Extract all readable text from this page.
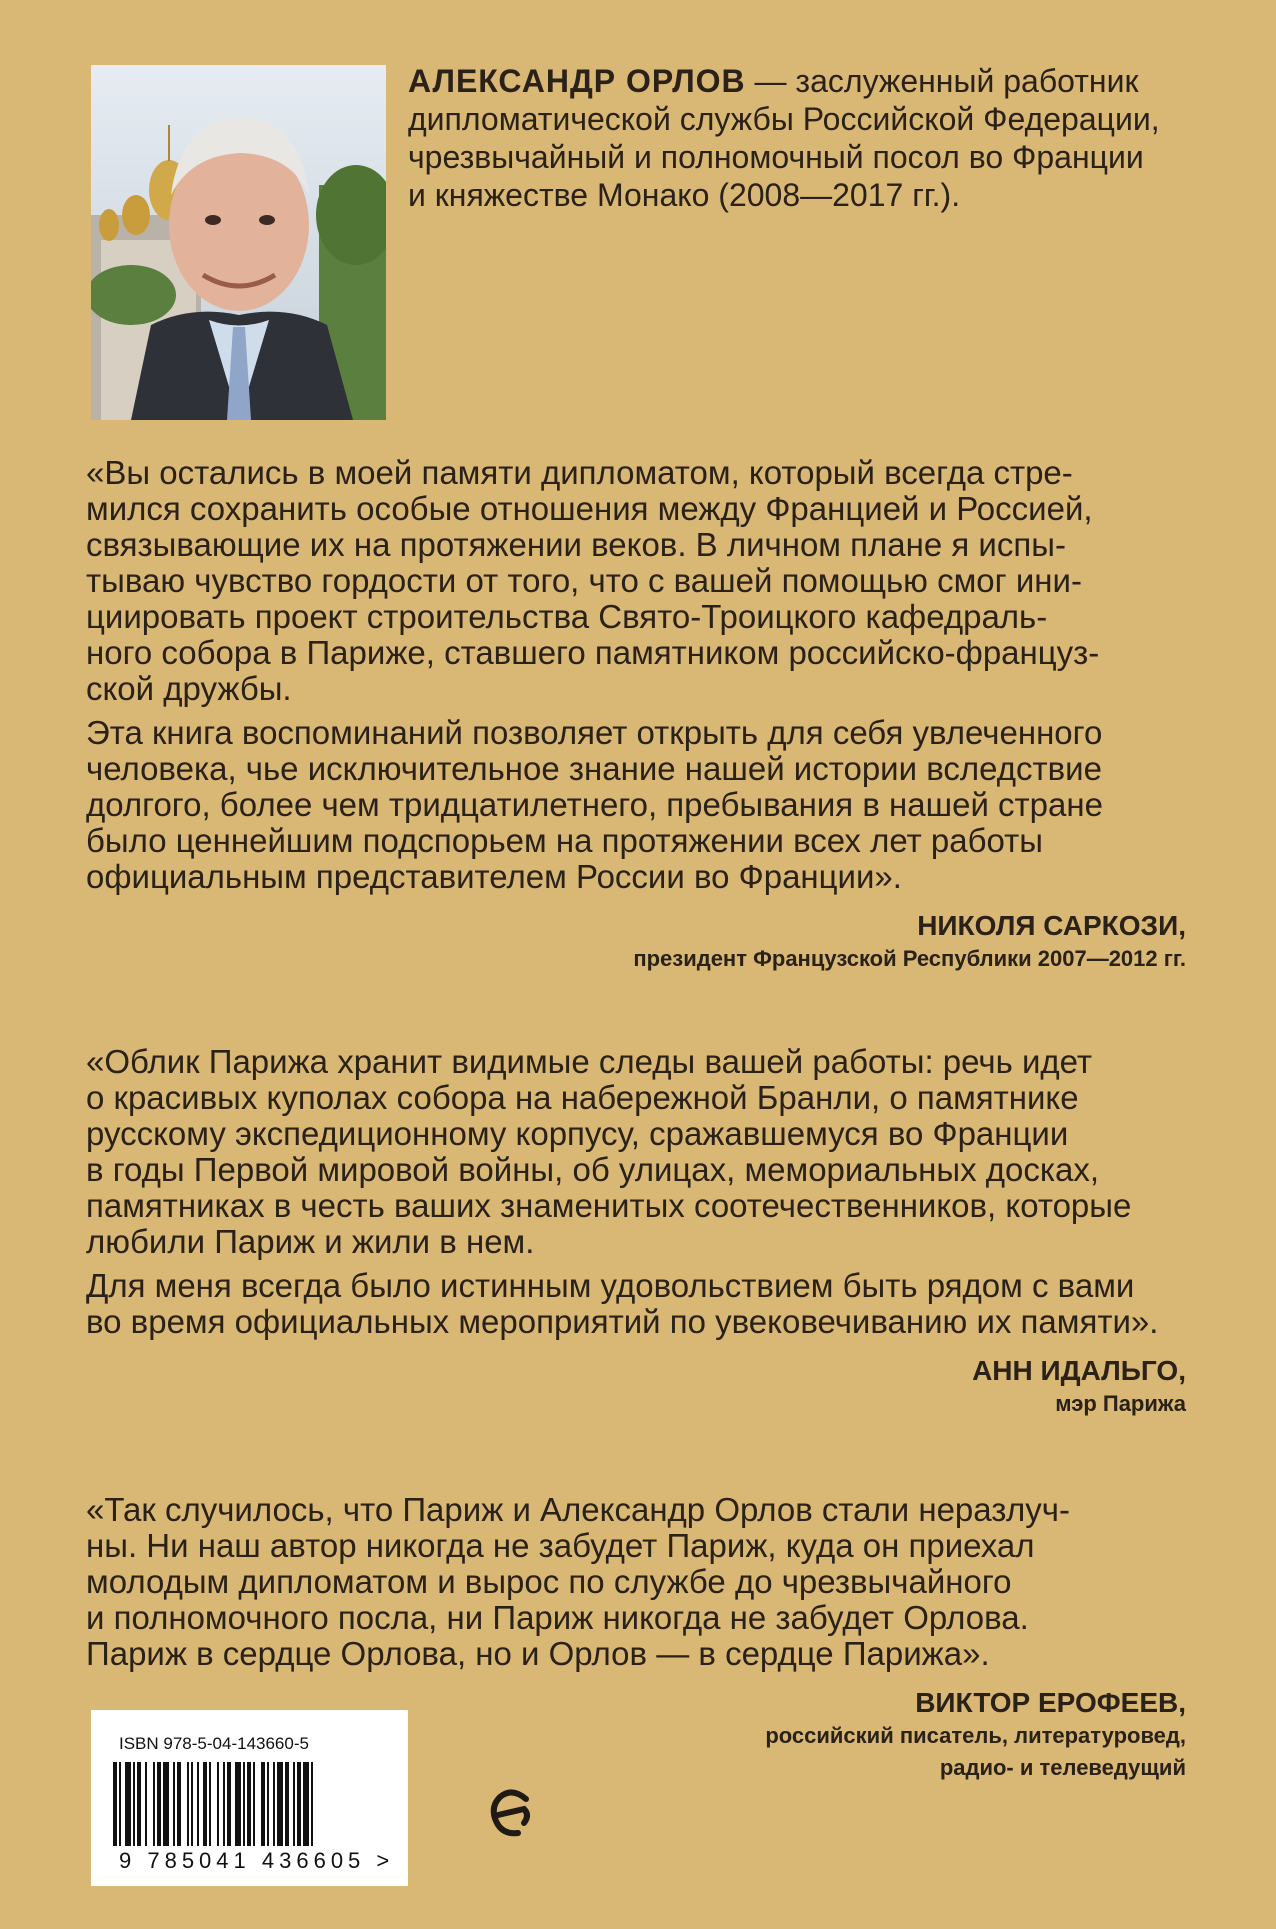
АЛЕКСАНДР ОРЛОВ — заслуженный работник
дипломатической службы Российской Федерации,
чрезвычайный и полномочный посол во Франции
и княжестве Монако (2008—2017 гг.).

«Вы остались в моей памяти дипломатом, который всегда стре-
мился сохранить особые отношения между Францией и Россией,
связывающие их на протяжении веков. В личном плане я испы-
тываю чувство гордости от того, что с вашей помощью смог ини-
циировать проект строительства Свято-Троицкого кафедраль-
ного собора в Париже, ставшего памятником российско-француз-
ской дружбы.

Эта книга воспоминаний позволяет открыть для себя увлеченного
человека, чье исключительное знание нашей истории вследствие
долгого, более чем тридцатилетнего, пребывания в нашей стране
было ценнейшим подспорьем на протяжении всех лет работы
официальным представителем России во Франции».

НИКОЛЯ САРКОЗИ,
президент Французской Республики 2007—2012 гг.

«Облик Парижа хранит видимые следы вашей работы: речь идет
о красивых куполах собора на набережной Бранли, о памятнике
русскому экспедиционному корпусу, сражавшемуся во Франции
в годы Первой мировой войны, об улицах, мемориальных досках,
памятниках в честь ваших знаменитых соотечественников, которые
любили Париж и жили в нем.

Для меня всегда было истинным удовольствием быть рядом с вами
во время официальных мероприятий по увековечиванию их памяти».

АНН ИДАЛЬГО,
мэр Парижа

«Так случилось, что Париж и Александр Орлов стали неразлуч-
ны. Ни наш автор никогда не забудет Париж, куда он приехал
молодым дипломатом и вырос по службе до чрезвычайного
и полномочного посла, ни Париж никогда не забудет Орлова.
Париж в сердце Орлова, но и Орлов — в сердце Парижа».

ВИКТОР ЕРОФЕЕВ,
российский писатель, литературовед,
радио- и телеведущий
ISBN 978-5-04-143660-5
9 785041 436605 >
